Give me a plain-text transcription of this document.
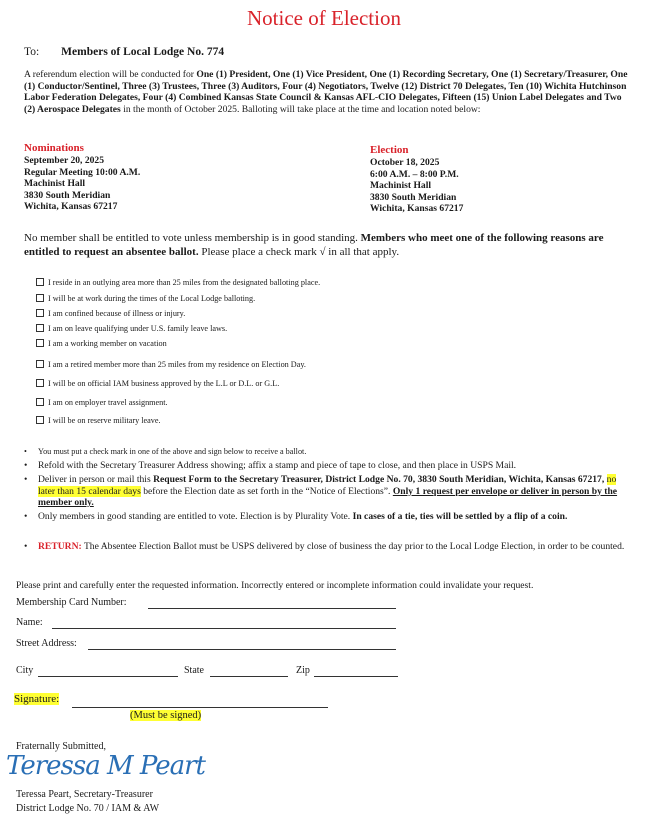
Notice of Election
To: Members of Local Lodge No. 774
A referendum election will be conducted for One (1) President, One (1) Vice President, One (1) Recording Secretary, One (1) Secretary/Treasurer, One (1) Conductor/Sentinel, Three (3) Trustees, Three (3) Auditors, Four (4) Negotiators, Twelve (12) District 70 Delegates, Ten (10) Wichita Hutchinson Labor Federation Delegates, Four (4) Combined Kansas State Council & Kansas AFL-CIO Delegates, Fifteen (15) Union Label Delegates and Two (2) Aerospace Delegates in the month of October 2025. Balloting will take place at the time and location noted below:
Nominations
September 20, 2025
Regular Meeting 10:00 A.M.
Machinist Hall
3830 South Meridian
Wichita, Kansas 67217
Election
October 18, 2025
6:00 A.M. – 8:00 P.M.
Machinist Hall
3830 South Meridian
Wichita, Kansas 67217
No member shall be entitled to vote unless membership is in good standing. Members who meet one of the following reasons are entitled to request an absentee ballot. Please place a check mark √ in all that apply.
I reside in an outlying area more than 25 miles from the designated balloting place.
I will be at work during the times of the Local Lodge balloting.
I am confined because of illness or injury.
I am on leave qualifying under U.S. family leave laws.
I am a working member on vacation
I am a retired member more than 25 miles from my residence on Election Day.
I will be on official IAM business approved by the L.L or D.L. or G.L.
I am on employer travel assignment.
I will be on reserve military leave.
• You must put a check mark in one of the above and sign below to receive a ballot.
• Refold with the Secretary Treasurer Address showing; affix a stamp and piece of tape to close, and then place in USPS Mail.
• Deliver in person or mail this Request Form to the Secretary Treasurer, District Lodge No. 70, 3830 South Meridian, Wichita, Kansas 67217, no later than 15 calendar days before the Election date as set forth in the “Notice of Elections”. Only 1 request per envelope or deliver in person by the member only.
• Only members in good standing are entitled to vote. Election is by Plurality Vote. In cases of a tie, ties will be settled by a flip of a coin.
• RETURN: The Absentee Election Ballot must be USPS delivered by close of business the day prior to the Local Lodge Election, in order to be counted.
Please print and carefully enter the requested information. Incorrectly entered or incomplete information could invalidate your request.
Membership Card Number:
Name:
Street Address:
City	State	Zip
Signature:
(Must be signed)
Fraternally Submitted,
Teressa M Peart
Teressa Peart, Secretary-Treasurer
District Lodge No. 70 / IAM & AW
